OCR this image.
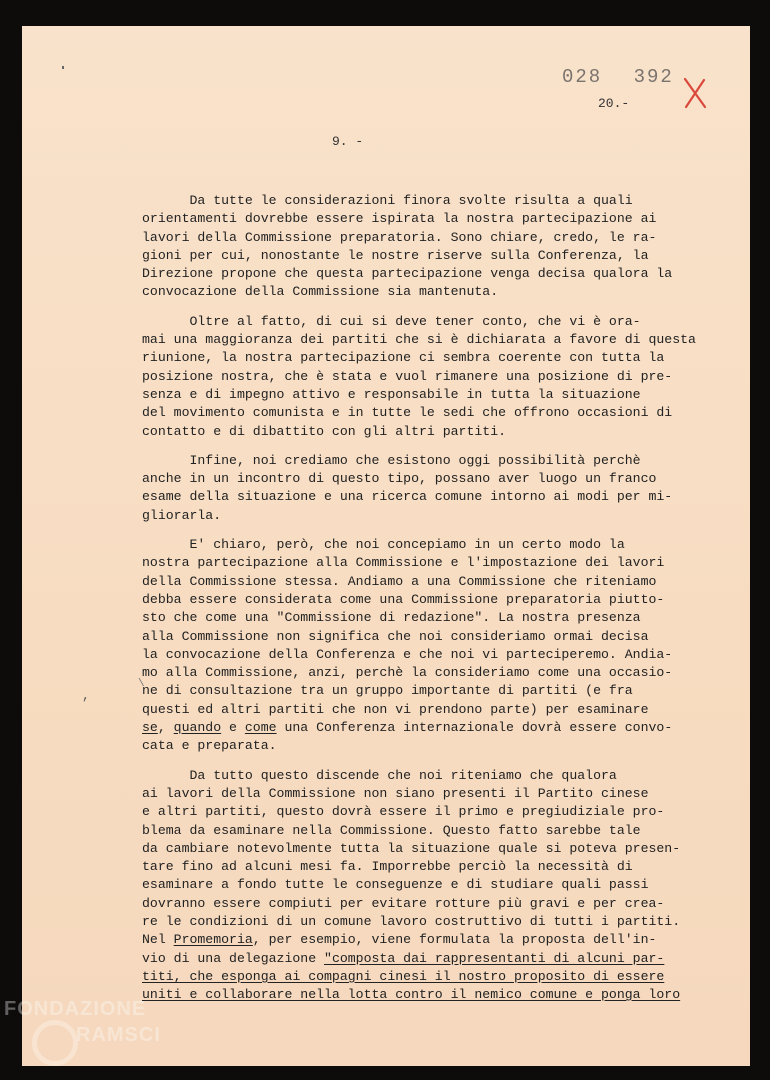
028 392
20.-
9. -
,
\
Da tutte le considerazioni finora svolte risulta a quali
orientamenti dovrebbe essere ispirata la nostra partecipazione ai
lavori della Commissione preparatoria. Sono chiare, credo, le ra-
gioni per cui, nonostante le nostre riserve sulla Conferenza, la
Direzione propone che questa partecipazione venga decisa qualora la
convocazione della Commissione sia mantenuta.
Oltre al fatto, di cui si deve tener conto, che vi è ora-
mai una maggioranza dei partiti che si è dichiarata a favore di questa
riunione, la nostra partecipazione ci sembra coerente con tutta la
posizione nostra, che è stata e vuol rimanere una posizione di pre-
senza e di impegno attivo e responsabile in tutta la situazione
del movimento comunista e in tutte le sedi che offrono occasioni di
contatto e di dibattito con gli altri partiti.
Infine, noi crediamo che esistono oggi possibilità perchè
anche in un incontro di questo tipo, possano aver luogo un franco
esame della situazione e una ricerca comune intorno ai modi per mi-
gliorarla.
E' chiaro, però, che noi concepiamo in un certo modo la
nostra partecipazione alla Commissione e l'impostazione dei lavori
della Commissione stessa. Andiamo a una Commissione che riteniamo
debba essere considerata come una Commissione preparatoria piutto-
sto che come una "Commissione di redazione". La nostra presenza
alla Commissione non significa che noi consideriamo ormai decisa
la convocazione della Conferenza e che noi vi parteciperemo. Andia-
mo alla Commissione, anzi, perchè la consideriamo come una occasio-
ne di consultazione tra un gruppo importante di partiti (e fra
questi ed altri partiti che non vi prendono parte) per esaminare
se, quando e come una Conferenza internazionale dovrà essere convo-
cata e preparata.
Da tutto questo discende che noi riteniamo che qualora
ai lavori della Commissione non siano presenti il Partito cinese
e altri partiti, questo dovrà essere il primo e pregiudiziale pro-
blema da esaminare nella Commissione. Questo fatto sarebbe tale
da cambiare notevolmente tutta la situazione quale si poteva presen-
tare fino ad alcuni mesi fa. Imporrebbe perciò la necessità di
esaminare a fondo tutte le conseguenze e di studiare quali passi
dovranno essere compiuti per evitare rotture più gravi e per crea-
re le condizioni di un comune lavoro costruttivo di tutti i partiti.
Nel Promemoria, per esempio, viene formulata la proposta dell'in-
vio di una delegazione "composta dai rappresentanti di alcuni par-
titi, che esponga ai compagni cinesi il nostro proposito di essere
uniti e collaborare nella lotta contro il nemico comune e ponga loro
FONDAZIONE
RAMSCI
